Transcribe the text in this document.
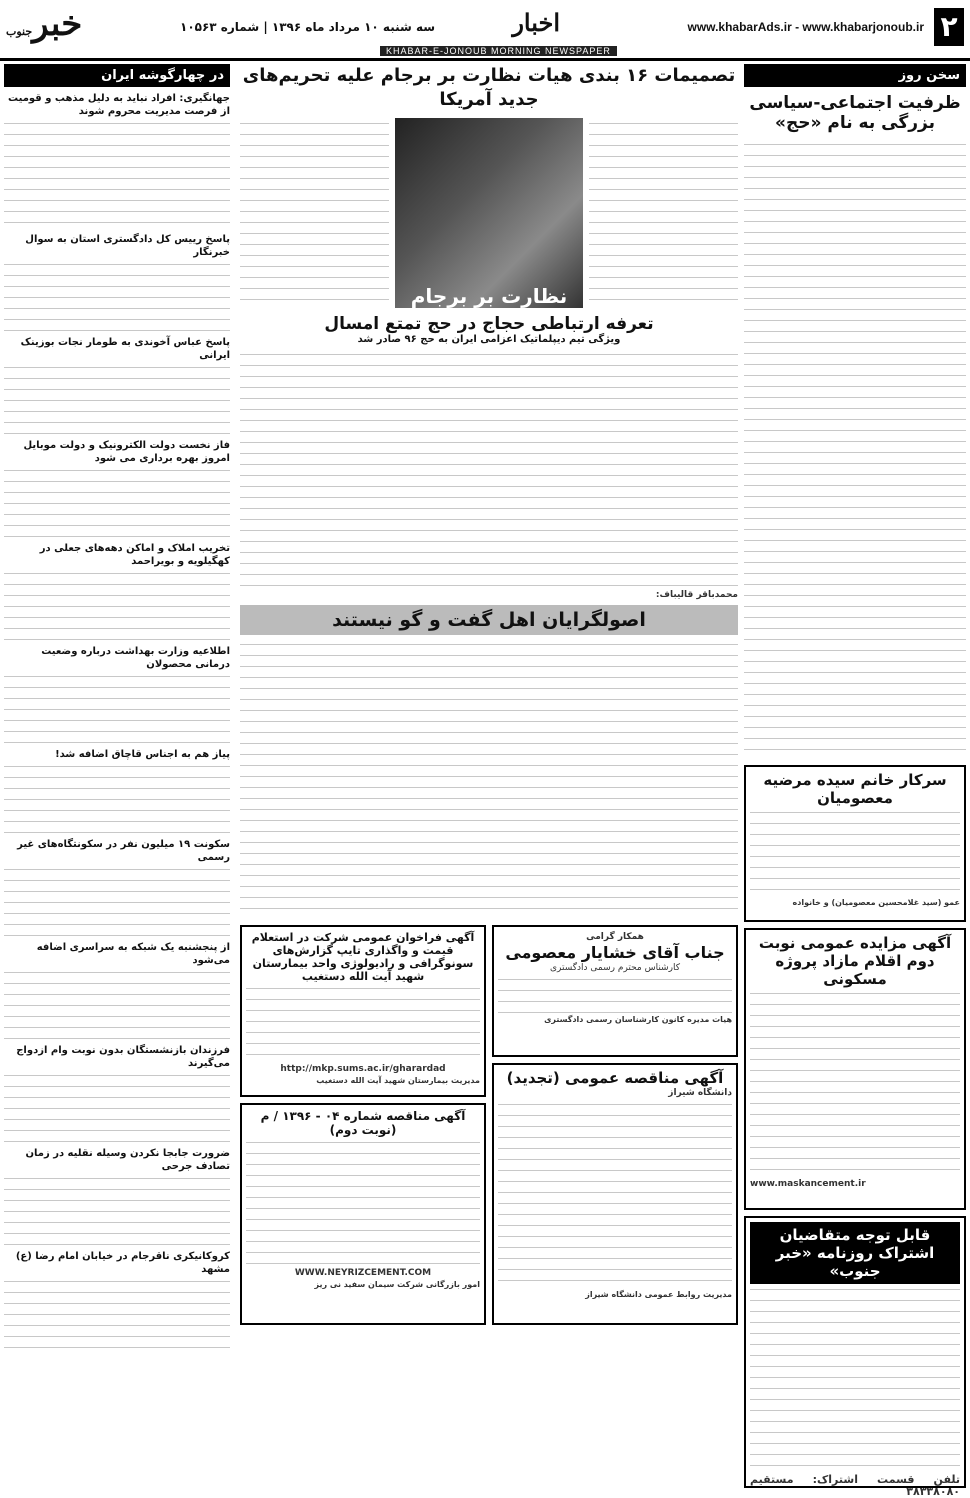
۲
www.khabarAds.ir - www.khabarjonoub.ir
اخبار
سه شنبه ۱۰ مرداد ماه ۱۳۹۶ | شماره ۱۰۵۶۳
خبرجنوب
KHABAR-E-JONOUB MORNING NEWSPAPER
سخن روز
ظرفیت اجتماعی-سیاسی بزرگی به نام «حج»
سرکار خانم سیده مرضیه معصومیان
عمو (سید غلامحسین معصومیان) و خانواده
آگهی مزایده عمومی نوبت دوم اقلام مازاد پروژه مسکونی
www.maskancement.ir
قابل توجه متقاضیان اشتراک روزنامه «خبر جنوب»
تلفن قسمت اشتراک: مستقیم ۳۸۳۳۸۰۸۰
تصمیمات ۱۶ بندی هیات نظارت بر برجام علیه تحریم‌های جدید آمریکا
نظارت بر برجام
تعرفه ارتباطی حجاج در حج تمتع امسال
ویژگی تیم دیپلماتیک اعزامی ایران به حج ۹۶ صادر شد
محمدباقر قالیباف:
اصولگرایان اهل گفت و گو نیستند
همکار گرامی
جناب آقای خشایار معصومی
کارشناس محترم رسمی دادگستری
هیات مدیره کانون کارشناسان رسمی دادگستری
آگهی مناقصه عمومی (تجدید)
دانشگاه شیراز
مدیریت روابط عمومی دانشگاه شیراز
آگهی فراخوان عمومی شرکت در استعلام قیمت و واگذاری تایپ گزارش‌های سونوگرافی و رادیولوژی واحد بیمارستان شهید آیت الله دستغیب
http://mkp.sums.ac.ir/gharardad
مدیریت بیمارستان شهید آیت الله دستغیب
آگهی مناقصه شماره ۰۴ - ۱۳۹۶ / م (نوبت دوم)
WWW.NEYRIZCEMENT.COM
امور بازرگانی شرکت سیمان سفید نی ریز
در چهارگوشه ایران
جهانگیری: افراد نباید به دلیل مذهب و قومیت از فرصت مدیریت محروم شوند
پاسخ رییس کل دادگستری استان به سوال خبرنگار
پاسخ عباس آخوندی به طومار نجات بوزینک ایرانی
فاز نخست دولت الکترونیک و دولت موبایل امروز بهره برداری می شود
تخریب املاک و اماکن دهه‌های جعلی در کهگیلویه و بویراحمد
اطلاعیه وزارت بهداشت درباره وضعیت درمانی محصولان
پیاز هم به اجناس قاچاق اضافه شد!
سکونت ۱۹ میلیون نفر در سکونتگاه‌های غیر رسمی
از پنجشنبه یک شبکه به سراسری اضافه می‌شود
فرزندان بازنشستگان بدون نوبت وام ازدواج می‌گیرند
ضرورت جابجا نکردن وسیله نقلیه در زمان تصادف جرحی
کروکانیکری ناقرجام در خیابان امام رضا (ع) مشهد
